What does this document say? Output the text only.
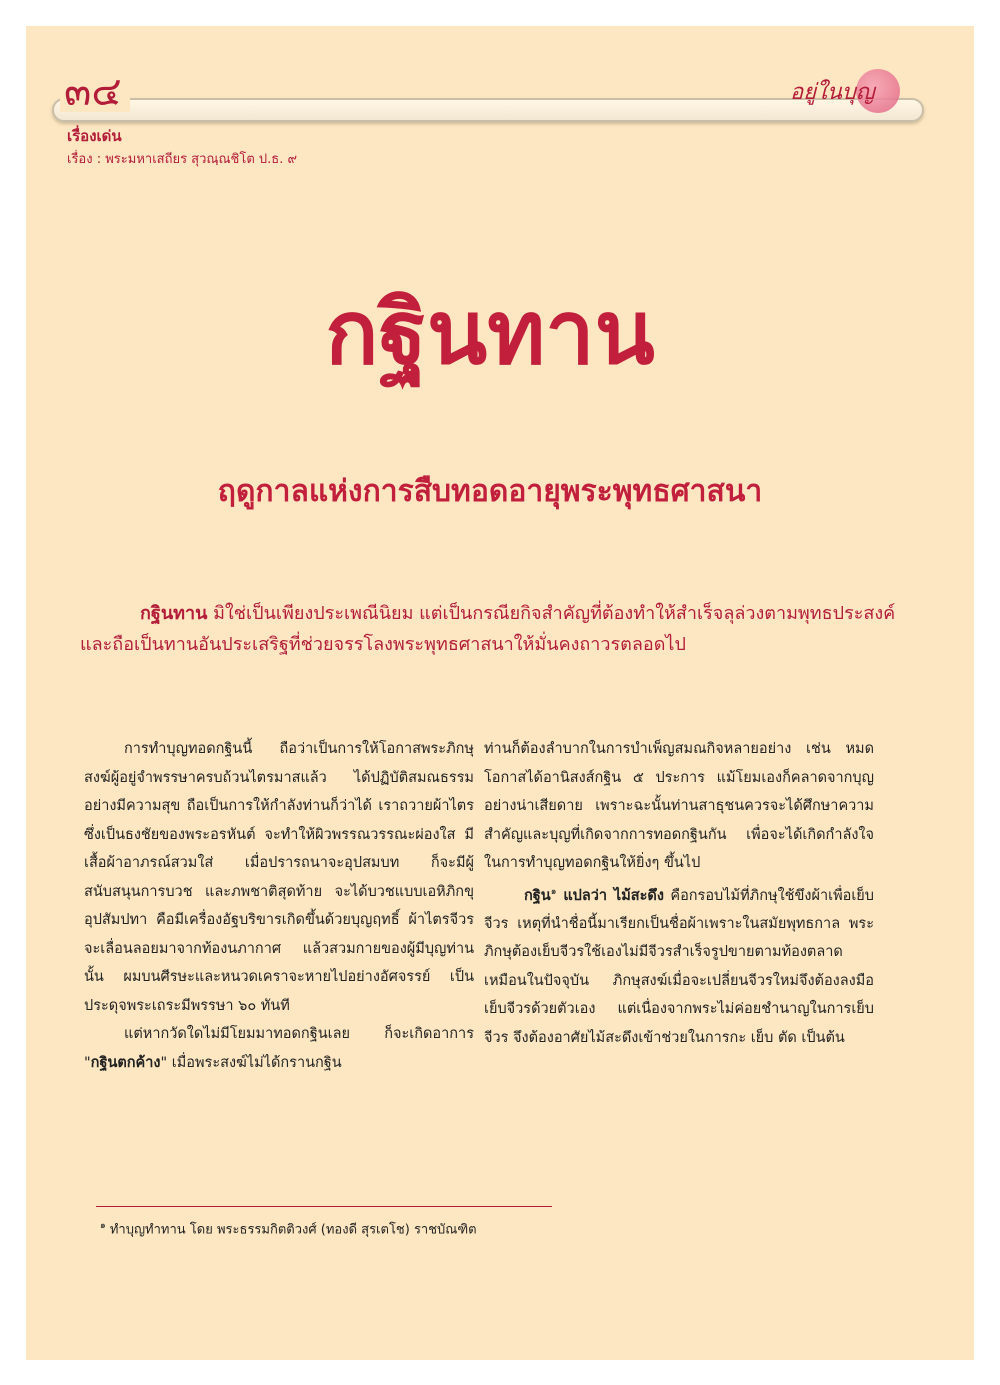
๓๔	อยู่ในบุญ
เรื่องเด่น
เรื่อง : พระมหาเสถียร สุวณฺณชิโต ป.ธ. ๙
กฐินทาน
ฤดูกาลแห่งการสืบทอดอายุพระพุทธศาสนา
กฐินทาน มิใช่เป็นเพียงประเพณีนิยม แต่เป็นกรณียกิจสำคัญที่ต้องทำให้สำเร็จลุล่วงตามพุทธประสงค์และถือเป็นทานอันประเสริฐที่ช่วยจรรโลงพระพุทธศาสนาให้มั่นคงถาวรตลอดไป

การทำบุญทอดกฐินนี้ ถือว่าเป็นการให้โอกาสพระภิกษุสงฆ์ผู้อยู่จำพรรษาครบถ้วนไตรมาสแล้ว ได้ปฏิบัติสมณธรรมอย่างมีความสุข ถือเป็นการให้กำลังท่านก็ว่าได้ เราถวายผ้าไตรซึ่งเป็นธงชัยของพระอรหันต์ จะทำให้ผิวพรรณวรรณะผ่องใส มีเสื้อผ้าอาภรณ์สวมใส่ เมื่อปรารถนาจะอุปสมบท ก็จะมีผู้สนับสนุนการบวช และภพชาติสุดท้าย จะได้บวชแบบเอหิภิกขุอุปสัมปทา คือมีเครื่องอัฐบริขารเกิดขึ้นด้วยบุญฤทธิ์ ผ้าไตรจีวรจะเลื่อนลอยมาจากท้องนภากาศ แล้วสวมกายของผู้มีบุญท่านนั้น ผมบนศีรษะและหนวดเคราจะหายไปอย่างอัศจรรย์ เป็นประดุจพระเถระมีพรรษา ๖๐ ทันที

แต่หากวัดใดไม่มีโยมมาทอดกฐินเลย ก็จะเกิดอาการ "กฐินตกค้าง" เมื่อพระสงฆ์ไม่ได้กรานกฐิน

ท่านก็ต้องลำบากในการบำเพ็ญสมณกิจหลายอย่าง เช่น หมดโอกาสได้อานิสงส์กฐิน ๕ ประการ แม้โยมเองก็คลาดจากบุญอย่างน่าเสียดาย เพราะฉะนั้นท่านสาธุชนควรจะได้ศึกษาความสำคัญและบุญที่เกิดจากการทอดกฐินกัน เพื่อจะได้เกิดกำลังใจในการทำบุญทอดกฐินให้ยิ่งๆ ขึ้นไป

กฐิน$^๑$ แปลว่า ไม้สะดึง คือกรอบไม้ที่ภิกษุใช้ขึงผ้าเพื่อเย็บจีวร เหตุที่นำชื่อนี้มาเรียกเป็นชื่อผ้าเพราะในสมัยพุทธกาล พระภิกษุต้องเย็บจีวรใช้เองไม่มีจีวรสำเร็จรูปขายตามท้องตลาดเหมือนในปัจจุบัน ภิกษุสงฆ์เมื่อจะเปลี่ยนจีวรใหม่จึงต้องลงมือเย็บจีวรด้วยตัวเอง แต่เนื่องจากพระไม่ค่อยชำนาญในการเย็บจีวร จึงต้องอาศัยไม้สะดึงเข้าช่วยในการกะ เย็บ ตัด เป็นต้น

$^๑$ ทำบุญทำทาน โดย พระธรรมกิตติวงศ์ (ทองดี สุรเตโช) ราชบัณฑิต
